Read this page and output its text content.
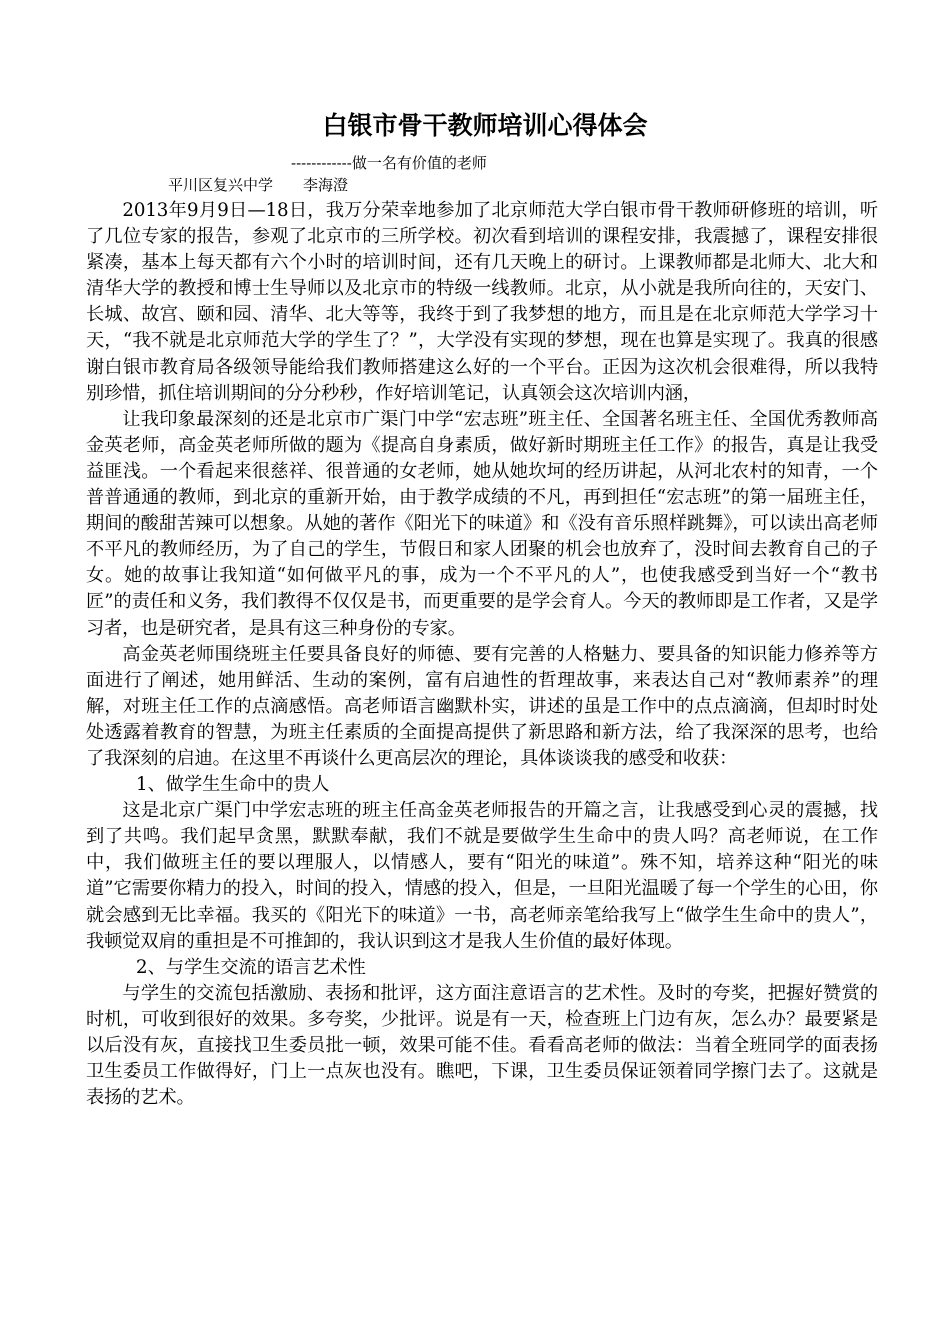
白银市骨干教师培训心得体会

------------做一名有价值的老师

平川区复兴中学 李海澄

2013年9月9日—18日，我万分荣幸地参加了北京师范大学白银市骨干教师研修班的培训，听了几位专家的报告，参观了北京市的三所学校。初次看到培训的课程安排，我震撼了，课程安排很紧凑，基本上每天都有六个小时的培训时间，还有几天晚上的研讨。上课教师都是北师大、北大和清华大学的教授和博士生导师以及北京市的特级一线教师。北京，从小就是我所向往的，天安门、长城、故宫、颐和园、清华、北大等等，我终于到了我梦想的地方，而且是在北京师范大学学习十天，“我不就是北京师范大学的学生了？”，大学没有实现的梦想，现在也算是实现了。我真的很感谢白银市教育局各级领导能给我们教师搭建这么好的一个平台。正因为这次机会很难得，所以我特别珍惜，抓住培训期间的分分秒秒，作好培训笔记，认真领会这次培训内涵，

让我印象最深刻的还是北京市广渠门中学“宏志班”班主任、全国著名班主任、全国优秀教师高金英老师，高金英老师所做的题为《提高自身素质，做好新时期班主任工作》的报告，真是让我受益匪浅。一个看起来很慈祥、很普通的女老师，她从她坎坷的经历讲起，从河北农村的知青，一个普普通通的教师，到北京的重新开始，由于教学成绩的不凡，再到担任“宏志班”的第一届班主任，期间的酸甜苦辣可以想象。从她的著作《阳光下的味道》和《没有音乐照样跳舞》，可以读出高老师不平凡的教师经历，为了自己的学生，节假日和家人团聚的机会也放弃了，没时间去教育自己的子女。她的故事让我知道“如何做平凡的事，成为一个不平凡的人”，也使我感受到当好一个“教书匠”的责任和义务，我们教得不仅仅是书，而更重要的是学会育人。今天的教师即是工作者，又是学习者，也是研究者，是具有这三种身份的专家。

高金英老师围绕班主任要具备良好的师德、要有完善的人格魅力、要具备的知识能力修养等方面进行了阐述，她用鲜活、生动的案例，富有启迪性的哲理故事，来表达自己对“教师素养”的理解，对班主任工作的点滴感悟。高老师语言幽默朴实，讲述的虽是工作中的点点滴滴，但却时时处处透露着教育的智慧，为班主任素质的全面提高提供了新思路和新方法，给了我深深的思考，也给了我深刻的启迪。在这里不再谈什么更高层次的理论，具体谈谈我的感受和收获：

1、做学生生命中的贵人

这是北京广渠门中学宏志班的班主任高金英老师报告的开篇之言，让我感受到心灵的震撼，找到了共鸣。我们起早贪黑，默默奉献，我们不就是要做学生生命中的贵人吗？高老师说，在工作中，我们做班主任的要以理服人，以情感人，要有“阳光的味道”。殊不知，培养这种“阳光的味道”它需要你精力的投入，时间的投入，情感的投入，但是，一旦阳光温暖了每一个学生的心田，你就会感到无比幸福。我买的《阳光下的味道》一书，高老师亲笔给我写上“做学生生命中的贵人”，我顿觉双肩的重担是不可推卸的，我认识到这才是我人生价值的最好体现。

2、与学生交流的语言艺术性

与学生的交流包括激励、表扬和批评，这方面注意语言的艺术性。及时的夸奖，把握好赞赏的时机，可收到很好的效果。多夸奖，少批评。说是有一天，检查班上门边有灰，怎么办？最要紧是以后没有灰，直接找卫生委员批一顿，效果可能不佳。看看高老师的做法：当着全班同学的面表扬卫生委员工作做得好，门上一点灰也没有。瞧吧，下课，卫生委员保证领着同学擦门去了。这就是表扬的艺术。
